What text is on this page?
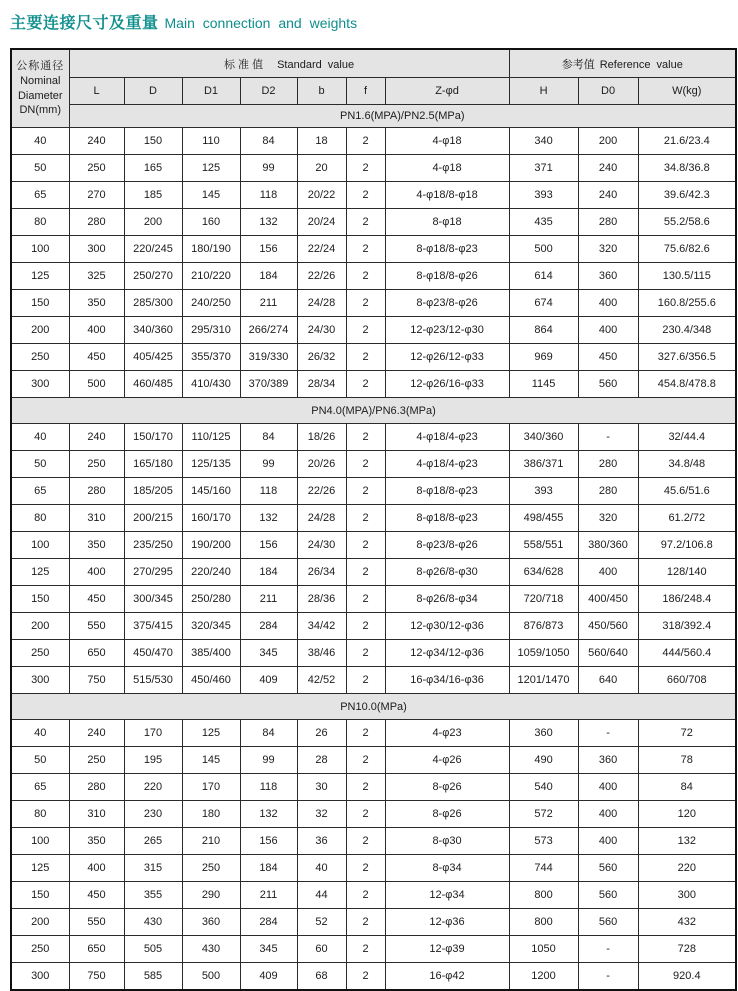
主要连接尺寸及重量 Main connection and weights
公称通径
Nominal
Diameter
DN(mm)	标 准 值 Standard value							参考值 Reference value		
	L	D	D1	D2	b	f	Z-φd	H	D0	W(kg)
	PN1.6(MPA)/PN2.5(MPa)									
40	240	150	110	84	18	2	4-φ18	340	200	21.6/23.4
50	250	165	125	99	20	2	4-φ18	371	240	34.8/36.8
65	270	185	145	118	20/22	2	4-φ18/8-φ18	393	240	39.6/42.3
80	280	200	160	132	20/24	2	8-φ18	435	280	55.2/58.6
100	300	220/245	180/190	156	22/24	2	8-φ18/8-φ23	500	320	75.6/82.6
125	325	250/270	210/220	184	22/26	2	8-φ18/8-φ26	614	360	130.5/115
150	350	285/300	240/250	211	24/28	2	8-φ23/8-φ26	674	400	160.8/255.6
200	400	340/360	295/310	266/274	24/30	2	12-φ23/12-φ30	864	400	230.4/348
250	450	405/425	355/370	319/330	26/32	2	12-φ26/12-φ33	969	450	327.6/356.5
300	500	460/485	410/430	370/389	28/34	2	12-φ26/16-φ33	1145	560	454.8/478.8
PN4.0(MPA)/PN6.3(MPa)										
40	240	150/170	110/125	84	18/26	2	4-φ18/4-φ23	340/360	-	32/44.4
50	250	165/180	125/135	99	20/26	2	4-φ18/4-φ23	386/371	280	34.8/48
65	280	185/205	145/160	118	22/26	2	8-φ18/8-φ23	393	280	45.6/51.6
80	310	200/215	160/170	132	24/28	2	8-φ18/8-φ23	498/455	320	61.2/72
100	350	235/250	190/200	156	24/30	2	8-φ23/8-φ26	558/551	380/360	97.2/106.8
125	400	270/295	220/240	184	26/34	2	8-φ26/8-φ30	634/628	400	128/140
150	450	300/345	250/280	211	28/36	2	8-φ26/8-φ34	720/718	400/450	186/248.4
200	550	375/415	320/345	284	34/42	2	12-φ30/12-φ36	876/873	450/560	318/392.4
250	650	450/470	385/400	345	38/46	2	12-φ34/12-φ36	1059/1050	560/640	444/560.4
300	750	515/530	450/460	409	42/52	2	16-φ34/16-φ36	1201/1470	640	660/708
PN10.0(MPa)										
40	240	170	125	84	26	2	4-φ23	360	-	72
50	250	195	145	99	28	2	4-φ26	490	360	78
65	280	220	170	118	30	2	8-φ26	540	400	84
80	310	230	180	132	32	2	8-φ26	572	400	120
100	350	265	210	156	36	2	8-φ30	573	400	132
125	400	315	250	184	40	2	8-φ34	744	560	220
150	450	355	290	211	44	2	12-φ34	800	560	300
200	550	430	360	284	52	2	12-φ36	800	560	432
250	650	505	430	345	60	2	12-φ39	1050	-	728
300	750	585	500	409	68	2	16-φ42	1200	-	920.4
